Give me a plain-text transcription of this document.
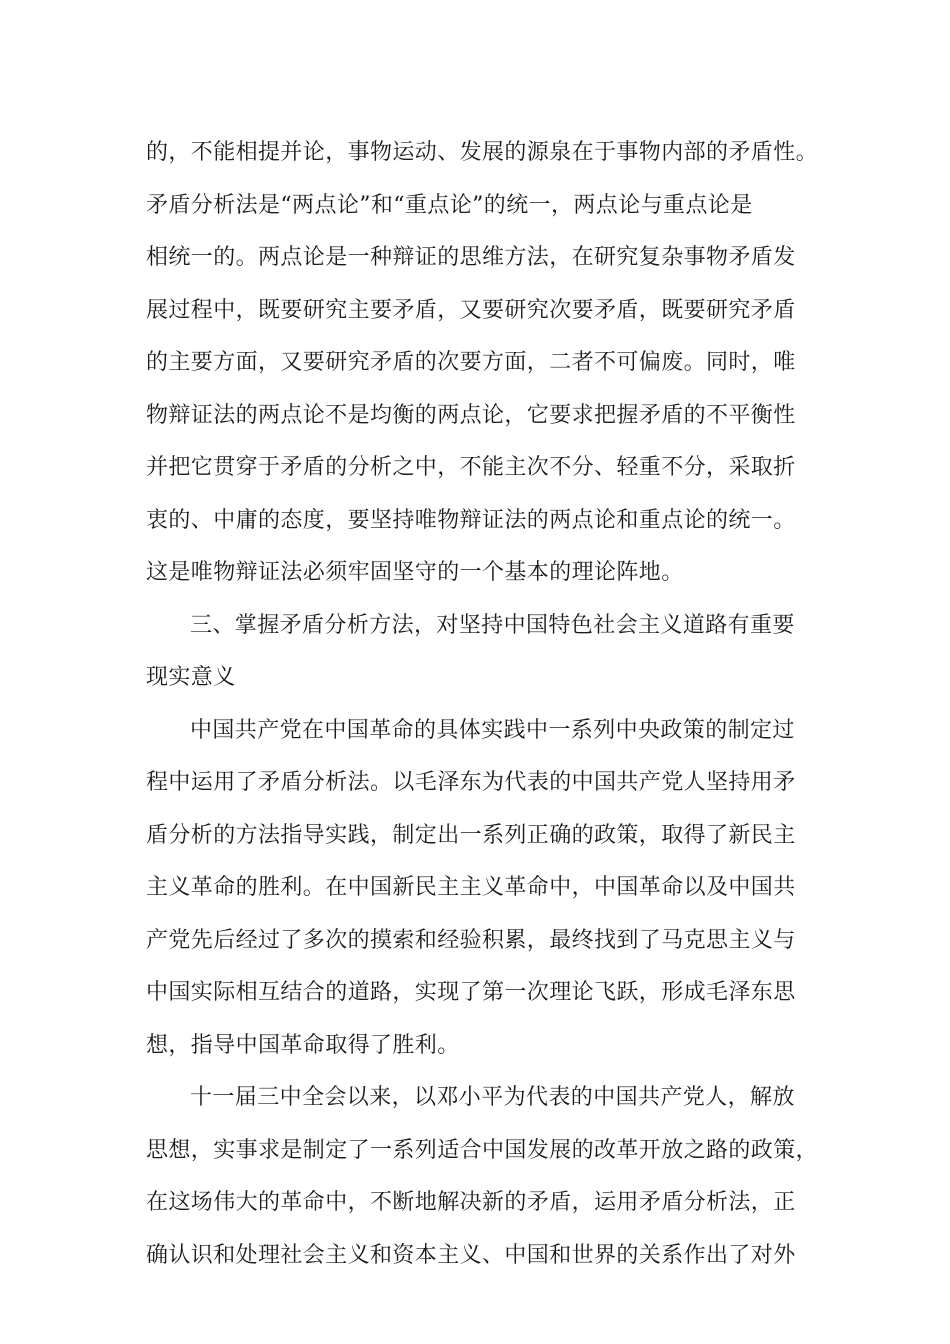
的，不能相提并论，事物运动、发展的源泉在于事物内部的矛盾性。
矛盾分析法是“两点论”和“重点论”的统一，两点论与重点论是
相统一的。两点论是一种辩证的思维方法，在研究复杂事物矛盾发
展过程中，既要研究主要矛盾，又要研究次要矛盾，既要研究矛盾
的主要方面，又要研究矛盾的次要方面，二者不可偏废。同时，唯
物辩证法的两点论不是均衡的两点论，它要求把握矛盾的不平衡性
并把它贯穿于矛盾的分析之中，不能主次不分、轻重不分，采取折
衷的、中庸的态度，要坚持唯物辩证法的两点论和重点论的统一。
这是唯物辩证法必须牢固坚守的一个基本的理论阵地。
三、掌握矛盾分析方法，对坚持中国特色社会主义道路有重要
现实意义
中国共产党在中国革命的具体实践中一系列中央政策的制定过
程中运用了矛盾分析法。以毛泽东为代表的中国共产党人坚持用矛
盾分析的方法指导实践，制定出一系列正确的政策，取得了新民主
主义革命的胜利。在中国新民主主义革命中，中国革命以及中国共
产党先后经过了多次的摸索和经验积累，最终找到了马克思主义与
中国实际相互结合的道路，实现了第一次理论飞跃，形成毛泽东思
想，指导中国革命取得了胜利。
十一届三中全会以来，以邓小平为代表的中国共产党人，解放
思想，实事求是制定了一系列适合中国发展的改革开放之路的政策，
在这场伟大的革命中，不断地解决新的矛盾，运用矛盾分析法，正
确认识和处理社会主义和资本主义、中国和世界的关系作出了对外
